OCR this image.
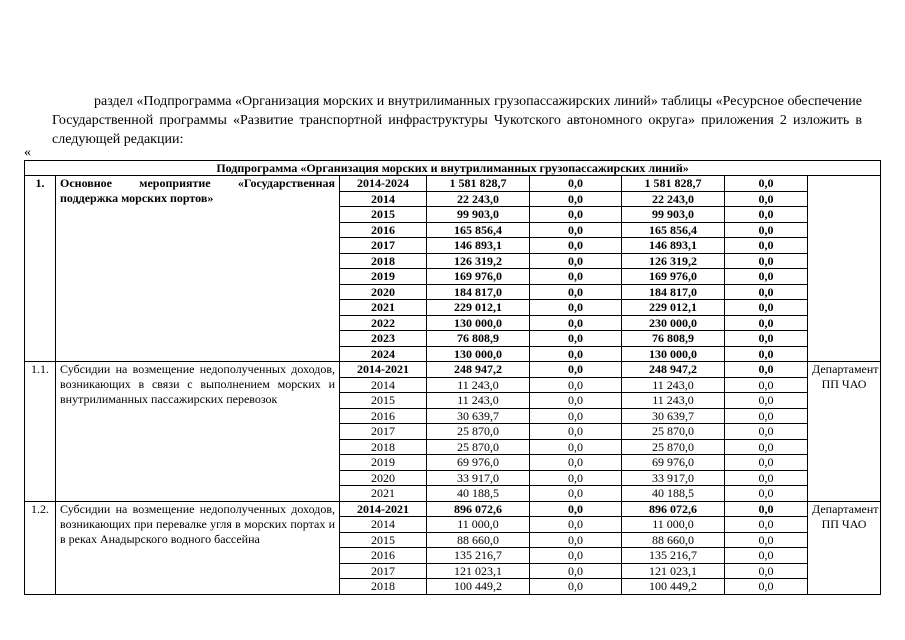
раздел «Подпрограмма «Организация морских и внутрилиманных грузопассажирских линий» таблицы «Ресурсное обеспечение Государственной программы «Развитие транспортной инфраструктуры Чукотского автономного округа» приложения 2 изложить в следующей редакции:
«
Подпрограмма «Организация морских и внутрилиманных грузопассажирских линий»							
1.	Основное мероприятие «Государственная поддержка морских портов»	2014-2024	1 581 828,7	0,0	1 581 828,7	0,0	
		2014	22 243,0	0,0	22 243,0	0,0	
		2015	99 903,0	0,0	99 903,0	0,0	
		2016	165 856,4	0,0	165 856,4	0,0	
		2017	146 893,1	0,0	146 893,1	0,0	
		2018	126 319,2	0,0	126 319,2	0,0	
		2019	169 976,0	0,0	169 976,0	0,0	
		2020	184 817,0	0,0	184 817,0	0,0	
		2021	229 012,1	0,0	229 012,1	0,0	
		2022	130 000,0	0,0	230 000,0	0,0	
		2023	76 808,9	0,0	76 808,9	0,0	
		2024	130 000,0	0,0	130 000,0	0,0	
1.1.	Субсидии на возмещение недополученных доходов, возникающих в связи с выполнением морских и внутрилиманных пассажирских перевозок	2014-2021	248 947,2	0,0	248 947,2	0,0	Департамент ПП ЧАО
		2014	11 243,0	0,0	11 243,0	0,0	
		2015	11 243,0	0,0	11 243,0	0,0	
		2016	30 639,7	0,0	30 639,7	0,0	
		2017	25 870,0	0,0	25 870,0	0,0	
		2018	25 870,0	0,0	25 870,0	0,0	
		2019	69 976,0	0,0	69 976,0	0,0	
		2020	33 917,0	0,0	33 917,0	0,0	
		2021	40 188,5	0,0	40 188,5	0,0	
1.2.	Субсидии на возмещение недополученных доходов, возникающих при перевалке угля в морских портах и в реках Анадырского водного бассейна	2014-2021	896 072,6	0,0	896 072,6	0,0	Департамент ПП ЧАО
		2014	11 000,0	0,0	11 000,0	0,0	
		2015	88 660,0	0,0	88 660,0	0,0	
		2016	135 216,7	0,0	135 216,7	0,0	
		2017	121 023,1	0,0	121 023,1	0,0	
		2018	100 449,2	0,0	100 449,2	0,0	
